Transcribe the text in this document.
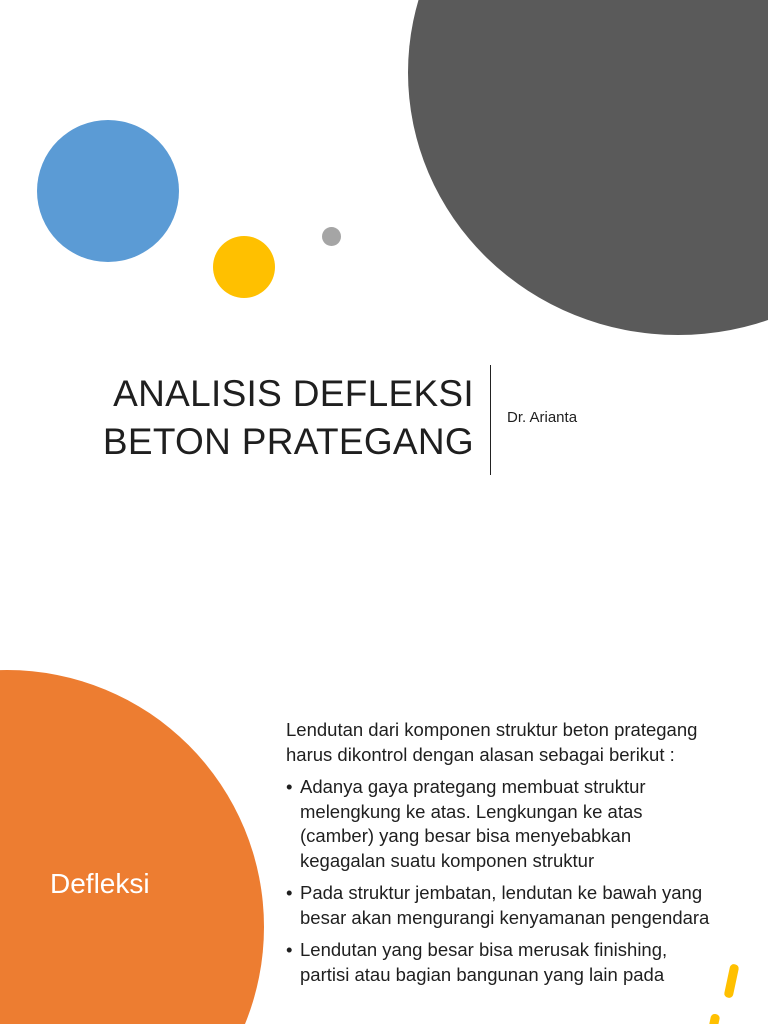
ANALISIS DEFLEKSI
BETON PRATEGANG
Dr. Arianta
Defleksi

Lendutan dari komponen struktur beton prategang harus dikontrol dengan alasan sebagai berikut :

• Adanya gaya prategang membuat struktur melengkung ke atas. Lengkungan ke atas (camber) yang besar bisa menyebabkan kegagalan suatu komponen struktur
• Pada struktur jembatan, lendutan ke bawah yang besar akan mengurangi kenyamanan pengendara
• Lendutan yang besar bisa merusak finishing, partisi atau bagian bangunan yang lain pada
